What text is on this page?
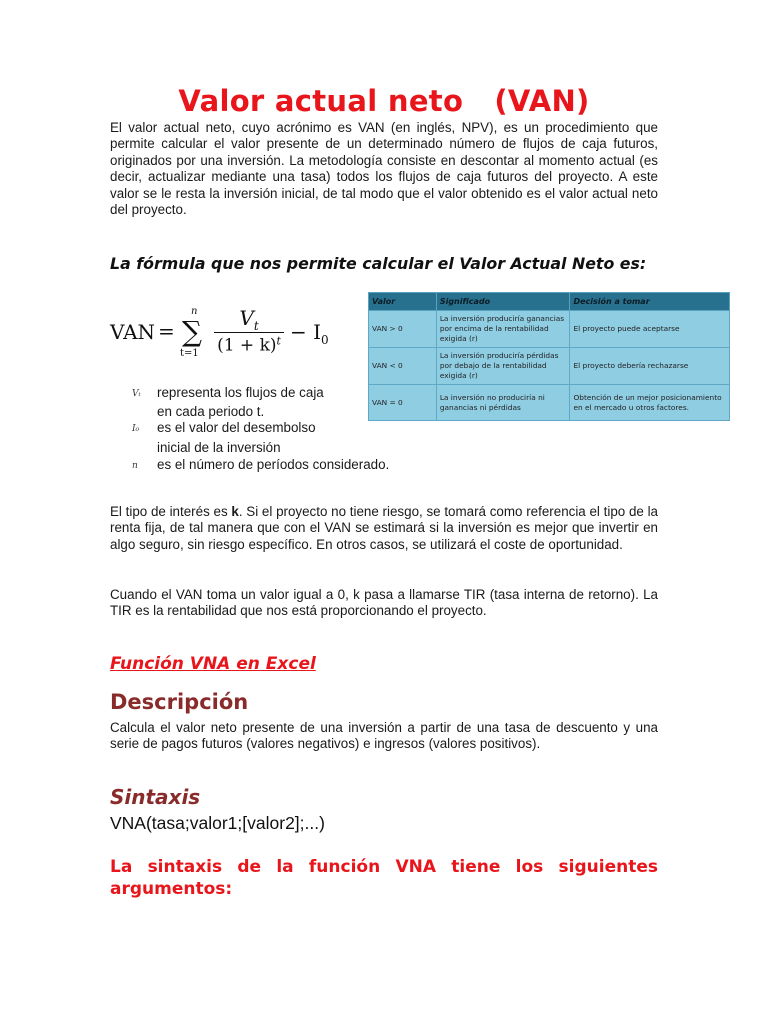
Valor actual neto   (VAN)
El valor actual neto, cuyo acrónimo es VAN (en inglés, NPV), es un procedimiento que permite calcular el valor presente de un determinado número de flujos de caja futuros, originados por una inversión. La metodología consiste en descontar al momento actual (es decir, actualizar mediante una tasa) todos los flujos de caja futuros del proyecto. A este valor se le resta la inversión inicial, de tal modo que el valor obtenido es el valor actual neto del proyecto.
La fórmula que nos permite calcular el Valor Actual Neto es:
VAN =
n
∑
t=1
$V_t$
$(1 + k)^t - I_0$
Vₜ representa los flujos de caja
en cada periodo t.
I₀ es el valor del desembolso
inicial de la inversión
n es el número de períodos considerado.
Valor	Significado	Decisión a tomar
VAN > 0	La inversión produciría ganancias por encima de la rentabilidad exigida (r)	El proyecto puede aceptarse
VAN < 0	La inversión produciría pérdidas por debajo de la rentabilidad exigida (r)	El proyecto debería rechazarse
VAN = 0	La inversión no produciría ni ganancias ni pérdidas	Obtención de un mejor posicionamiento en el mercado u otros factores.
El tipo de interés es k. Si el proyecto no tiene riesgo, se tomará como referencia el tipo de la renta fija, de tal manera que con el VAN se estimará si la inversión es mejor que invertir en algo seguro, sin riesgo específico. En otros casos, se utilizará el coste de oportunidad.
Cuando el VAN toma un valor igual a 0, k pasa a llamarse TIR (tasa interna de retorno). La TIR es la rentabilidad que nos está proporcionando el proyecto.
Función VNA en Excel
Descripción
Calcula el valor neto presente de una inversión a partir de una tasa de descuento y una serie de pagos futuros (valores negativos) e ingresos (valores positivos).
Sintaxis
VNA(tasa;valor1;[valor2];...)
La sintaxis de la función VNA tiene los siguientes argumentos:
